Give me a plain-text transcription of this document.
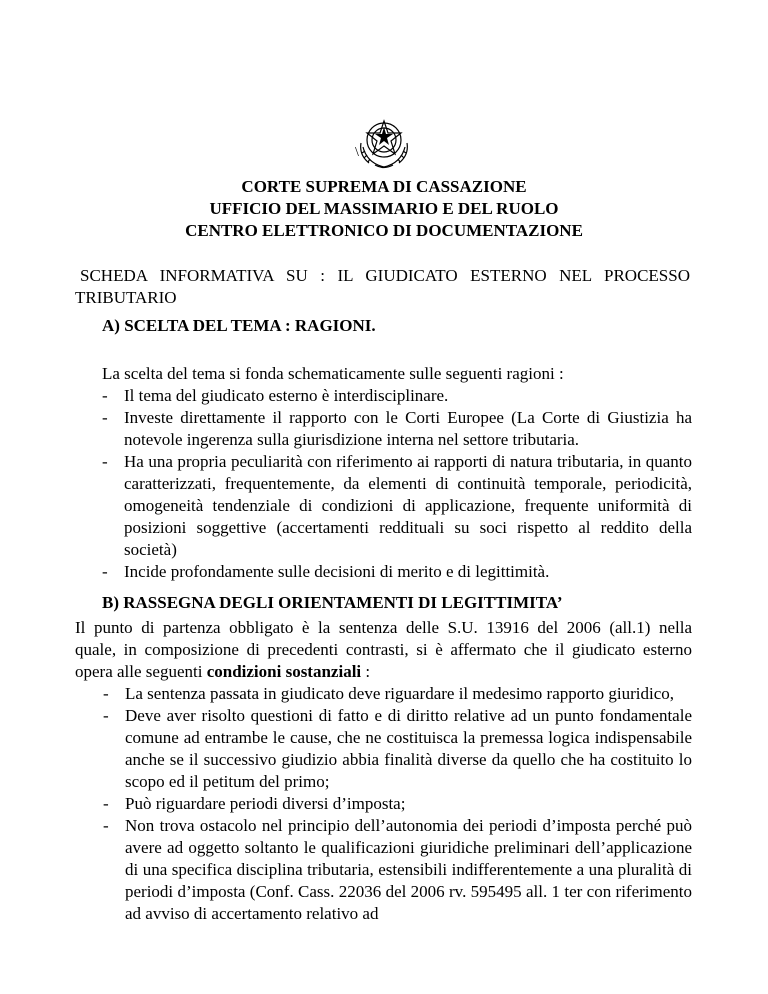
\
CORTE SUPREMA DI CASSAZIONE
UFFICIO DEL MASSIMARIO E DEL RUOLO
CENTRO ELETTRONICO DI DOCUMENTAZIONE
SCHEDA INFORMATIVA SU : IL GIUDICATO ESTERNO NEL PROCESSO
TRIBUTARIO
A) SCELTA DEL TEMA : RAGIONI.
La scelta del tema si fonda schematicamente sulle seguenti ragioni :
- Il tema del giudicato esterno è interdisciplinare.
- Investe direttamente il rapporto con le Corti Europee (La Corte di Giustizia ha notevole ingerenza sulla giurisdizione interna nel settore tributaria.
- Ha una propria peculiarità con riferimento ai rapporti di natura tributaria, in quanto caratterizzati, frequentemente, da elementi di continuità temporale, periodicità, omogeneità tendenziale di condizioni di applicazione, frequente uniformità di posizioni soggettive (accertamenti reddituali su soci rispetto al reddito della società)
- Incide profondamente sulle decisioni di merito e di legittimità.
B) RASSEGNA DEGLI ORIENTAMENTI DI LEGITTIMITA’
Il punto di partenza obbligato è la sentenza delle S.U. 13916 del 2006 (all.1) nella
quale, in composizione di precedenti contrasti, si è affermato che il giudicato esterno
opera alle seguenti condizioni sostanziali :
- La sentenza passata in giudicato deve riguardare il medesimo rapporto giuridico,
- Deve aver risolto questioni di fatto e di diritto relative ad un punto fondamentale comune ad entrambe le cause, che ne costituisca la premessa logica indispensabile anche se il successivo giudizio abbia finalità diverse da quello che ha costituito lo scopo ed il petitum del primo;
- Può riguardare periodi diversi d’imposta;
- Non trova ostacolo nel principio dell’autonomia dei periodi d’imposta perché può avere ad oggetto soltanto le qualificazioni giuridiche preliminari dell’applicazione di una specifica disciplina tributaria, estensibili indifferentemente a una pluralità di periodi d’imposta (Conf. Cass. 22036 del 2006 rv. 595495 all. 1 ter con riferimento ad avviso di accertamento relativo ad
